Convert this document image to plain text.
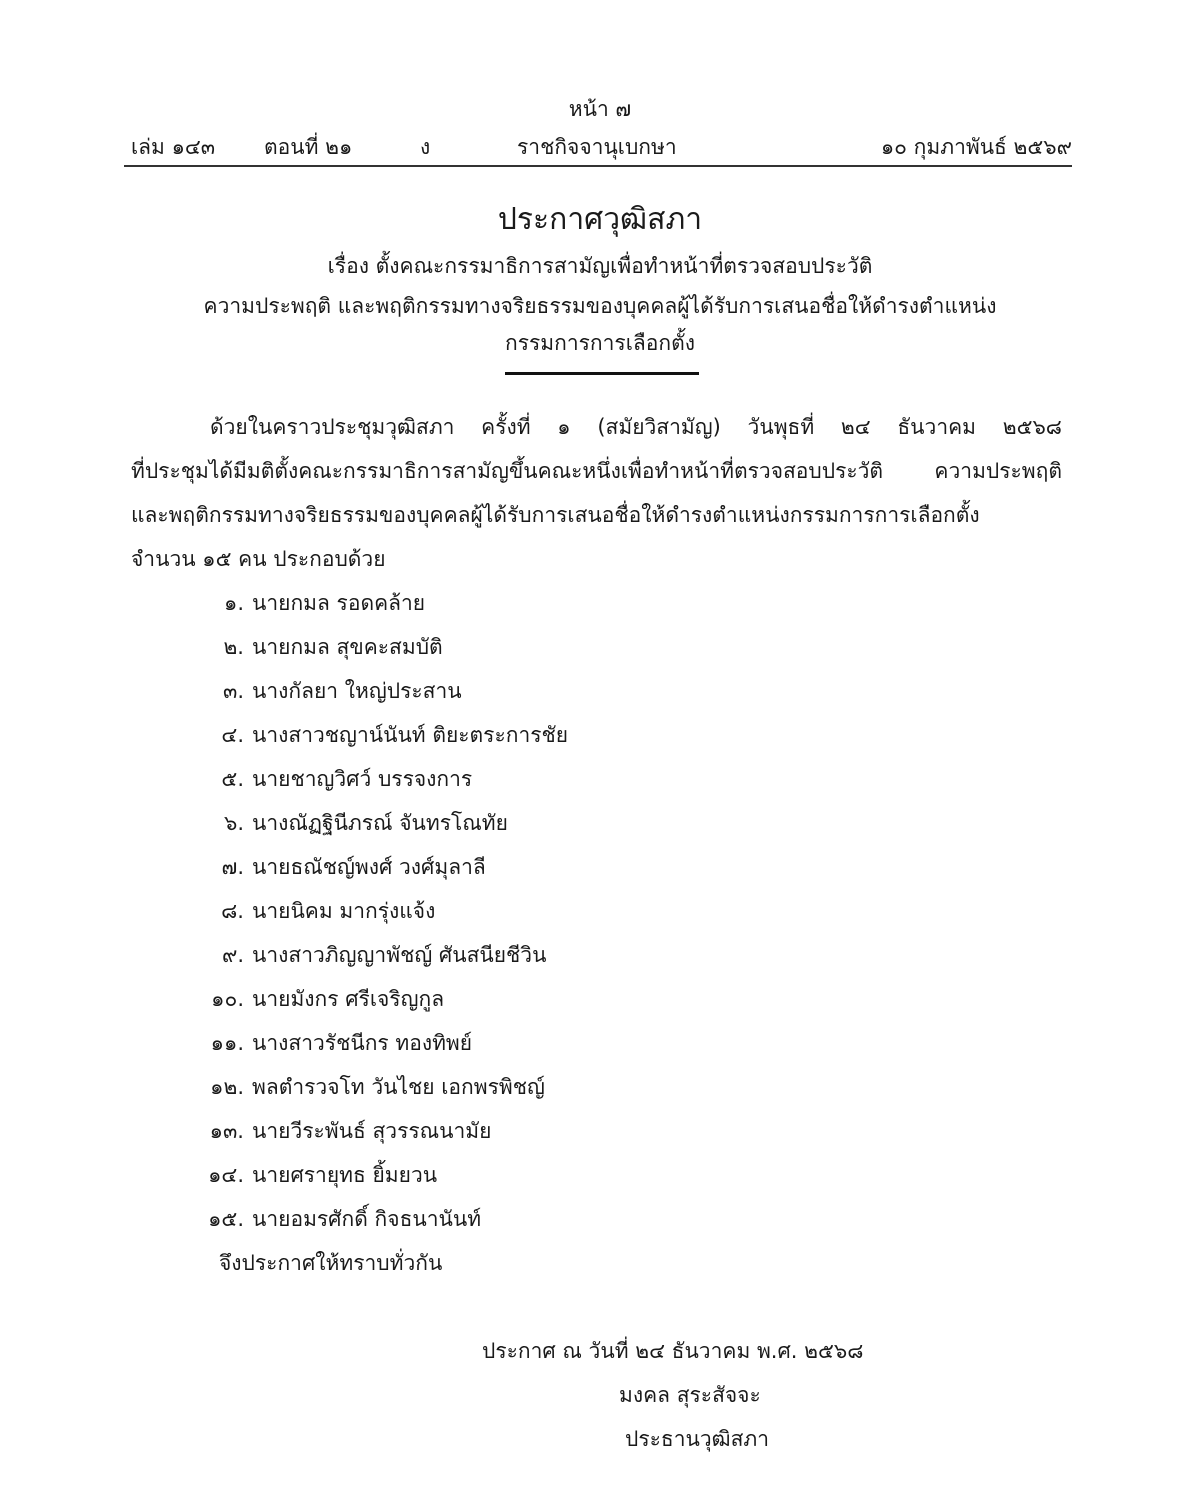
หน้า ๗
เล่ม ๑๔๓ ตอนที่ ๒๑	ง	ราชกิจจานุเบกษา	๑๐ กุมภาพันธ์ ๒๕๖๙
ประกาศวุฒิสภา
เรื่อง ตั้งคณะกรรมาธิการสามัญเพื่อทำหน้าที่ตรวจสอบประวัติ
ความประพฤติ และพฤติกรรมทางจริยธรรมของบุคคลผู้ได้รับการเสนอชื่อให้ดำรงตำแหน่ง
กรรมการการเลือกตั้ง
ด้วยในคราวประชุมวุฒิสภา ครั้งที่ ๑ (สมัยวิสามัญ) วันพุธที่ ๒๔ ธันวาคม ๒๕๖๘
ที่ประชุมได้มีมติตั้งคณะกรรมาธิการสามัญขึ้นคณะหนึ่งเพื่อทำหน้าที่ตรวจสอบประวัติ ความประพฤติ
และพฤติกรรมทางจริยธรรมของบุคคลผู้ได้รับการเสนอชื่อให้ดำรงตำแหน่งกรรมการการเลือกตั้ง
จำนวน ๑๕ คน ประกอบด้วย
๑. นายกมล รอดคล้าย
๒. นายกมล สุขคะสมบัติ
๓. นางกัลยา ใหญ่ประสาน
๔. นางสาวชญาน์นันท์ ติยะตระการชัย
๕. นายชาญวิศว์ บรรจงการ
๖. นางณัฏฐินีภรณ์ จันทรโณทัย
๗. นายธณัชญ์พงศ์ วงศ์มุลาลี
๘. นายนิคม มากรุ่งแจ้ง
๙. นางสาวภิญญาพัชญ์ ศันสนียชีวิน
๑๐. นายมังกร ศรีเจริญกูล
๑๑. นางสาวรัชนีกร ทองทิพย์
๑๒. พลตำรวจโท วันไชย เอกพรพิชญ์
๑๓. นายวีระพันธ์ สุวรรณนามัย
๑๔. นายศรายุทธ ยิ้มยวน
๑๕. นายอมรศักดิ์ กิจธนานันท์
จึงประกาศให้ทราบทั่วกัน
ประกาศ ณ วันที่ ๒๔ ธันวาคม พ.ศ. ๒๕๖๘
มงคล สุระสัจจะ
ประธานวุฒิสภา
